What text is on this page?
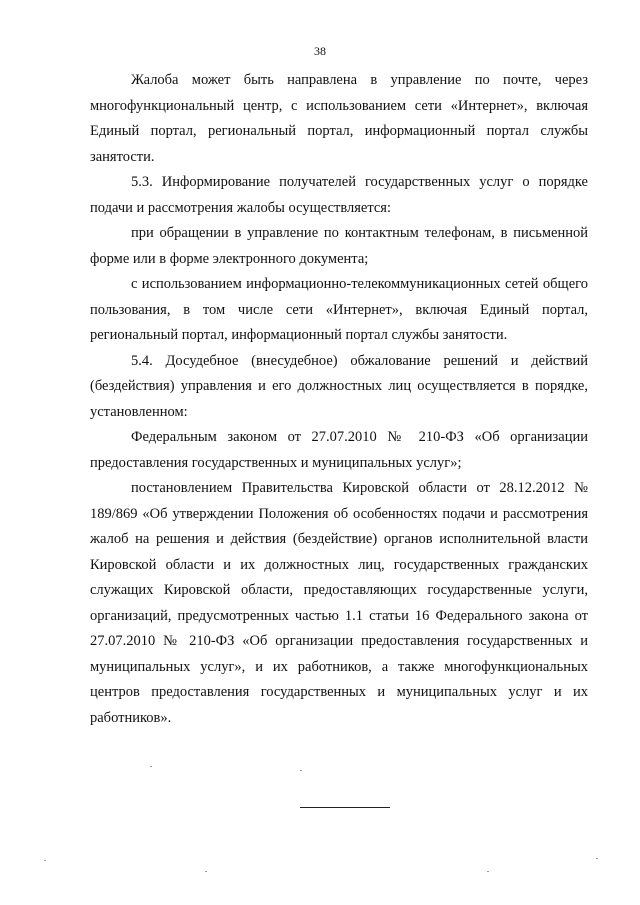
38

Жалоба может быть направлена в управление по почте, через многофункциональный центр, с использованием сети «Интернет», включая Единый портал, региональный портал, информационный портал службы занятости.

5.3. Информирование получателей государственных услуг о порядке подачи и рассмотрения жалобы осуществляется:

при обращении в управление по контактным телефонам, в письменной форме или в форме электронного документа;

с использованием информационно-телекоммуникационных сетей общего пользования, в том числе сети «Интернет», включая Единый портал, региональный портал, информационный портал службы занятости.

5.4. Досудебное (внесудебное) обжалование решений и действий (бездействия) управления и его должностных лиц осуществляется в порядке, установленном:

Федеральным законом от 27.07.2010 № 210-ФЗ «Об организации предоставления государственных и муниципальных услуг»;

постановлением Правительства Кировской области от 28.12.2012 № 189/869 «Об утверждении Положения об особенностях подачи и рассмотрения жалоб на решения и действия (бездействие) органов исполнительной власти Кировской области и их должностных лиц, государственных гражданских служащих Кировской области, предоставляющих государственные услуги, организаций, предусмотренных частью 1.1 статьи 16 Федерального закона от 27.07.2010 № 210-ФЗ «Об организации предоставления государственных и муниципальных услуг», и их работников, а также многофункциональных центров предоставления государственных и муниципальных услуг и их работников».
